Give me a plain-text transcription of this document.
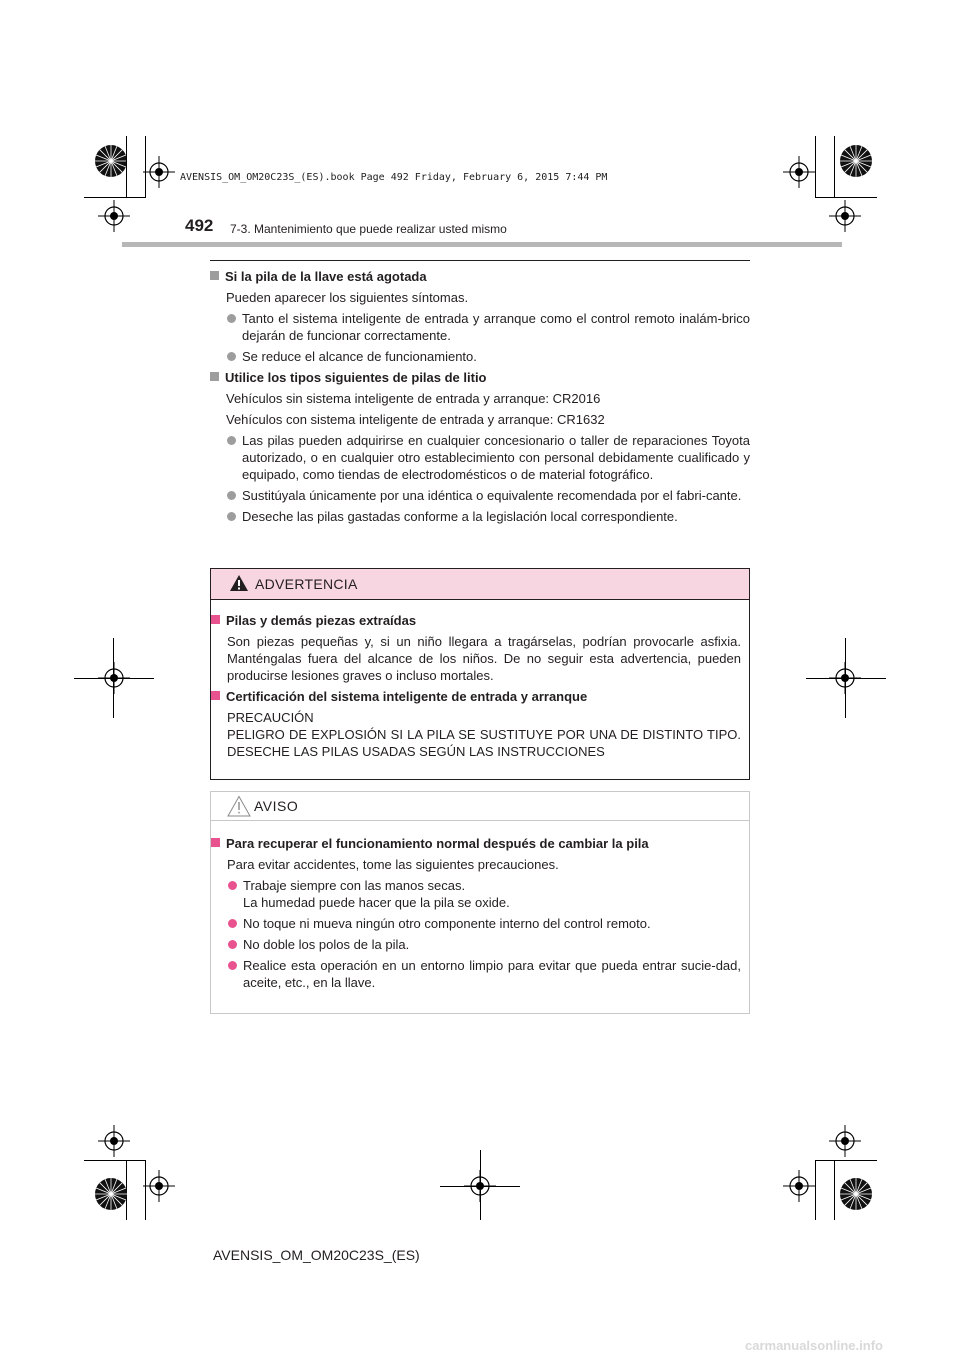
AVENSIS_OM_OM20C23S_(ES).book Page 492 Friday, February 6, 2015 7:44 PM
492 7-3. Mantenimiento que puede realizar usted mismo
Si la pila de la llave está agotada
Pueden aparecer los siguientes síntomas.
Tanto el sistema inteligente de entrada y arranque como el control remoto inalám-brico dejarán de funcionar correctamente.
Se reduce el alcance de funcionamiento.
Utilice los tipos siguientes de pilas de litio
Vehículos sin sistema inteligente de entrada y arranque: CR2016
Vehículos con sistema inteligente de entrada y arranque: CR1632
Las pilas pueden adquirirse en cualquier concesionario o taller de reparaciones Toyota autorizado, o en cualquier otro establecimiento con personal debidamente cualificado y equipado, como tiendas de electrodomésticos o de material fotográfico.
Sustitúyala únicamente por una idéntica o equivalente recomendada por el fabri-cante.
Deseche las pilas gastadas conforme a la legislación local correspondiente.
ADVERTENCIA
Pilas y demás piezas extraídas
Son piezas pequeñas y, si un niño llegara a tragárselas, podrían provocarle asfixia. Manténgalas fuera del alcance de los niños. De no seguir esta advertencia, pueden producirse lesiones graves o incluso mortales.
Certificación del sistema inteligente de entrada y arranque
PRECAUCIÓN
PELIGRO DE EXPLOSIÓN SI LA PILA SE SUSTITUYE POR UNA DE DISTINTO TIPO. DESECHE LAS PILAS USADAS SEGÚN LAS INSTRUCCIONES
AVISO
Para recuperar el funcionamiento normal después de cambiar la pila
Para evitar accidentes, tome las siguientes precauciones.
Trabaje siempre con las manos secas.
La humedad puede hacer que la pila se oxide.
No toque ni mueva ningún otro componente interno del control remoto.
No doble los polos de la pila.
Realice esta operación en un entorno limpio para evitar que pueda entrar sucie-dad, aceite, etc., en la llave.
AVENSIS_OM_OM20C23S_(ES)
carmanualsonline.info
